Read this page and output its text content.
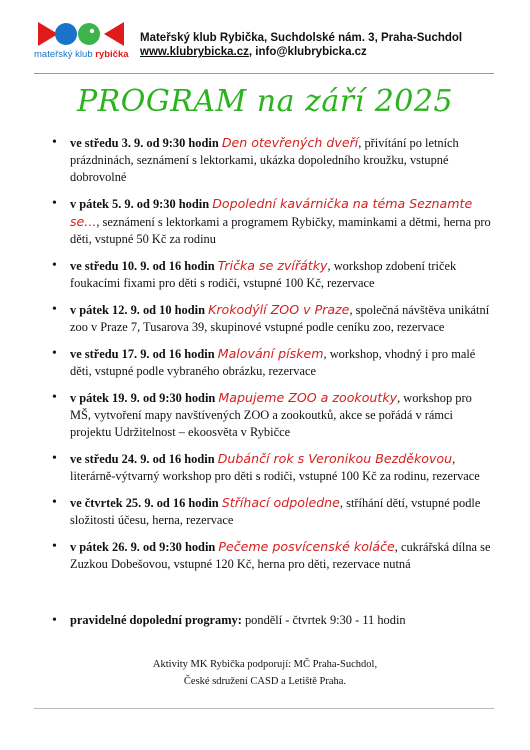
mateřský klub rybička
Mateřský klub Rybička, Suchdolské nám. 3, Praha-Suchdol
www.klubrybicka.cz, info@klubrybicka.cz
PROGRAM na září 2025
• ve středu 3. 9. od 9:30 hodin Den otevřených dveří, přivítání po letních prázdninách, seznámení s lektorkami, ukázka dopoledního kroužku, vstupné dobrovolné
• v pátek 5. 9. od 9:30 hodin Dopolední kavárnička na téma Seznamte se..., seznámení s lektorkami a programem Rybičky, maminkami a dětmi, herna pro děti, vstupné 50 Kč za rodinu
• ve středu 10. 9. od 16 hodin Trička se zvířátky, workshop zdobení triček foukacími fixami pro děti s rodiči, vstupné 100 Kč, rezervace
• v pátek 12. 9. od 10 hodin Krokodýlí ZOO v Praze, společná návštěva unikátní zoo v Praze 7, Tusarova 39, skupinové vstupné podle ceníku zoo, rezervace
• ve středu 17. 9. od 16 hodin Malování pískem, workshop, vhodný i pro malé děti, vstupné podle vybraného obrázku, rezervace
• v pátek 19. 9. od 9:30 hodin Mapujeme ZOO a zookoutky, workshop pro MŠ, vytvoření mapy navštívených ZOO a zookoutků, akce se pořádá v rámci projektu Udržitelnost – ekoosvěta v Rybičce
• ve středu 24. 9. od 16 hodin Dubánčí rok s Veronikou Bezděkovou, literárně-výtvarný workshop pro děti s rodiči, vstupné 100 Kč za rodinu, rezervace
• ve čtvrtek 25. 9. od 16 hodin Stříhací odpoledne, stříhání dětí, vstupné podle složitosti účesu, herna, rezervace
• v pátek 26. 9. od 9:30 hodin Pečeme posvícenské koláče, cukrářská dílna se Zuzkou Dobešovou, vstupné 120 Kč, herna pro děti, rezervace nutná
• pravidelné dopolední programy: pondělí - čtvrtek 9:30 - 11 hodin
Aktivity MK Rybička podporují: MČ Praha-Suchdol,
České sdružení CASD a Letiště Praha.
